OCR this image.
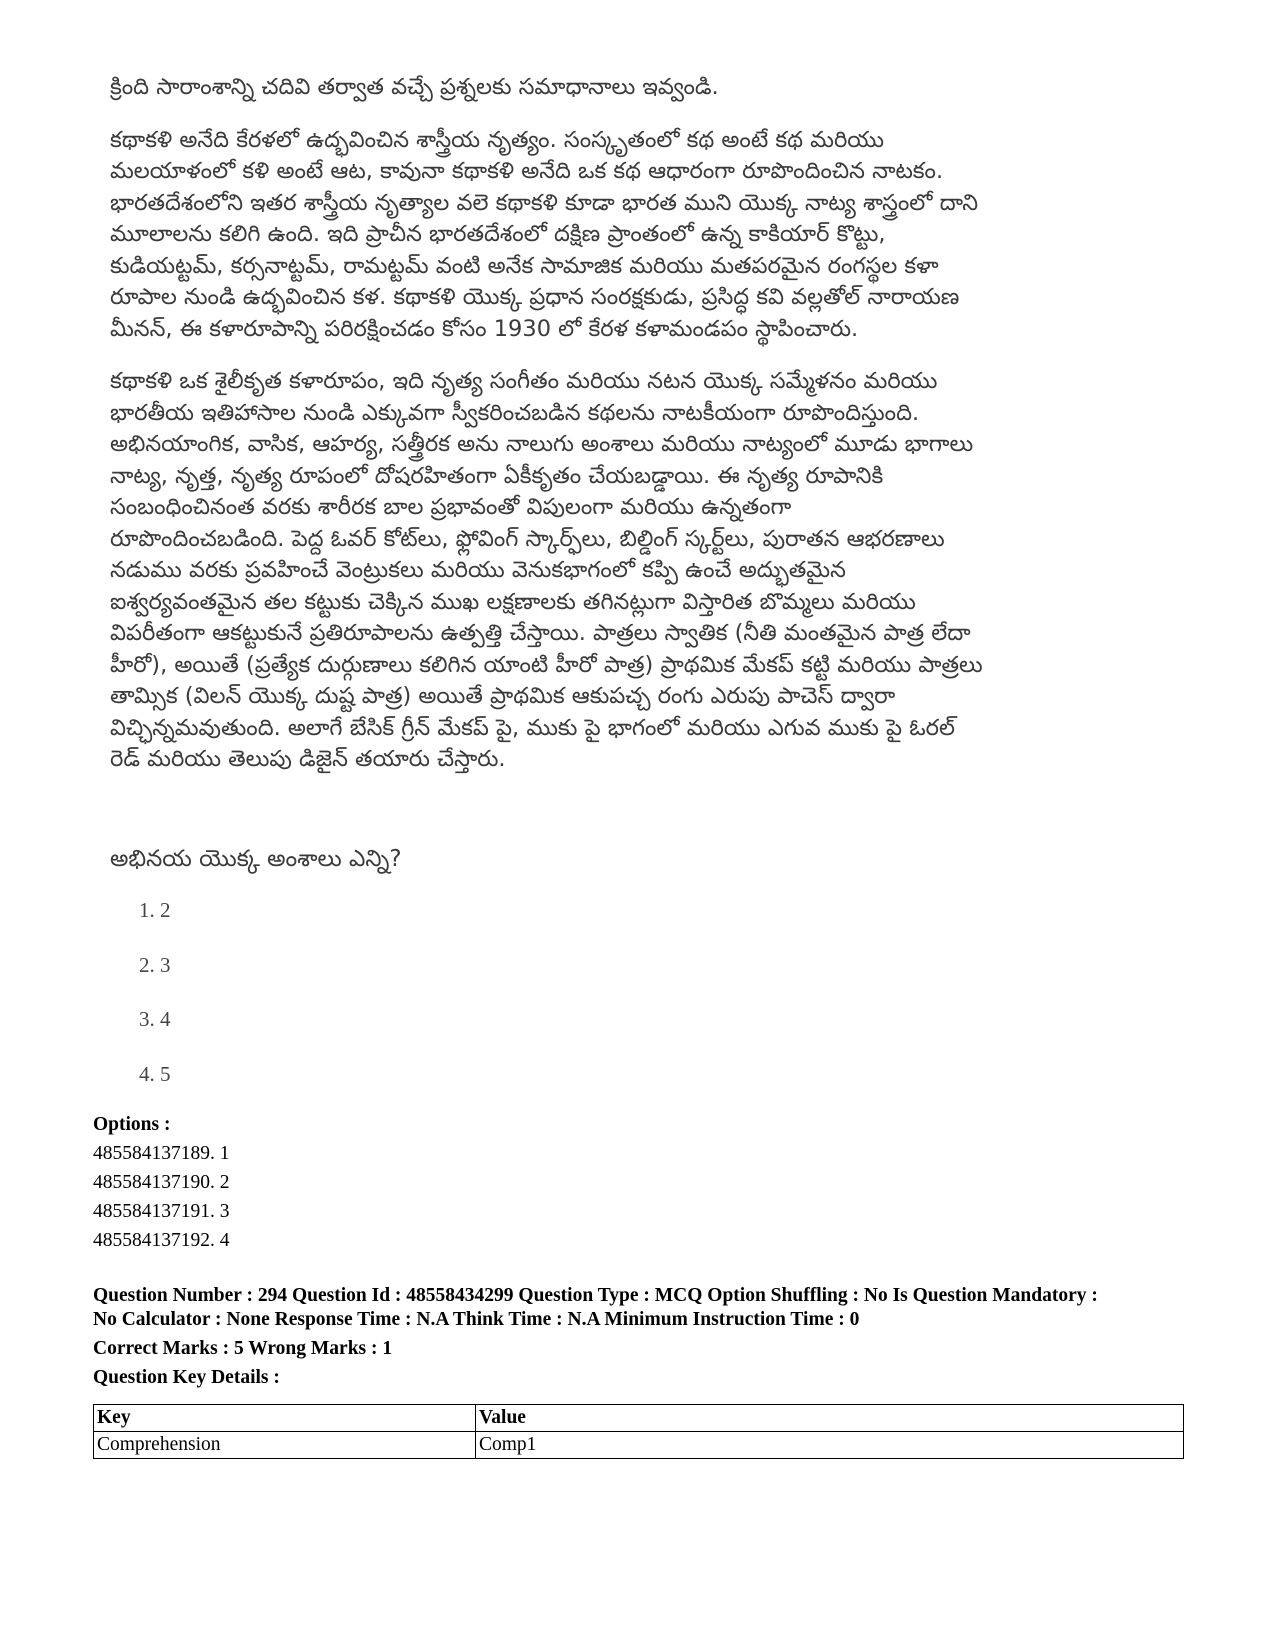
క్రింది సారాంశాన్ని చదివి తర్వాత వచ్చే ప్రశ్నలకు సమాధానాలు ఇవ్వండి.

కథాకళి అనేది కేరళలో ఉద్భవించిన శాస్త్రీయ నృత్యం. సంస్కృతంలో కథ అంటే కథ మరియు
మలయాళంలో కళి అంటే ఆట, కావునా కథాకళి అనేది ఒక కథ ఆధారంగా రూపొందించిన నాటకం.
భారతదేశంలోని ఇతర శాస్త్రీయ నృత్యాల వలె కథాకళి కూడా భారత ముని యొక్క నాట్య శాస్త్రంలో దాని
మూలాలను కలిగి ఉంది. ఇది ప్రాచీన భారతదేశంలో దక్షిణ ప్రాంతంలో ఉన్న కాకియార్ కొట్టు,
కుడియట్టమ్, కర్సనాట్టమ్, రామట్టమ్ వంటి అనేక సామాజిక మరియు మతపరమైన రంగస్థల కళా
రూపాల నుండి ఉద్భవించిన కళ. కథాకళి యొక్క ప్రధాన సంరక్షకుడు, ప్రసిద్ధ కవి వల్లతోల్ నారాయణ
మీనన్, ఈ కళారూపాన్ని పరిరక్షించడం కోసం 1930 లో కేరళ కళామండపం స్థాపించారు.

కథాకళి ఒక శైలీకృత కళారూపం, ఇది నృత్య సంగీతం మరియు నటన యొక్క సమ్మేళనం మరియు
భారతీయ ఇతిహాసాల నుండి ఎక్కువగా స్వీకరించబడిన కథలను నాటకీయంగా రూపొందిస్తుంది.
అభినయాంగిక, వాసిక, ఆహర్య, సత్త్రీరక అను నాలుగు అంశాలు మరియు నాట్యంలో మూడు భాగాలు
నాట్య, నృత్త, నృత్య రూపంలో దోషరహితంగా ఏకీకృతం చేయబడ్డాయి. ఈ నృత్య రూపానికి
సంబంధించినంత వరకు శారీరక బాల ప్రభావంతో విపులంగా మరియు ఉన్నతంగా
రూపొందించబడింది. పెద్ద ఓవర్ కోట్‌లు, ఫ్లోవింగ్ స్కార్ఫ్‌లు, బిల్డింగ్ స్కర్ట్‌లు, పురాతన ఆభరణాలు
నడుము వరకు ప్రవహించే వెంట్రుకలు మరియు వెనుకభాగంలో కప్పి ఉంచే అద్భుతమైన
ఐశ్వర్యవంతమైన తల కట్టుకు చెక్కిన ముఖ లక్షణాలకు తగినట్లుగా విస్తారిత బొమ్మలు మరియు
విపరీతంగా ఆకట్టుకునే ప్రతిరూపాలను ఉత్పత్తి చేస్తాయి. పాత్రలు స్వాతిక (నీతి మంతమైన పాత్ర లేదా
హీరో), అయితే (ప్రత్యేక దుర్గుణాలు కలిగిన యాంటి హీరో పాత్ర) ప్రాథమిక మేకప్ కట్టి మరియు పాత్రలు
తామ్సిక (విలన్ యొక్క దుష్ట పాత్ర) అయితే ప్రాథమిక ఆకుపచ్చ రంగు ఎరుపు పాచెస్ ద్వారా
విచ్ఛిన్నమవుతుంది. అలాగే బేసిక్ గ్రీన్ మేకప్ పై, ముకు పై భాగంలో మరియు ఎగువ ముకు పై ఓరల్
రెడ్ మరియు తెలుపు డిజైన్ తయారు చేస్తారు.

అభినయ యొక్క అంశాలు ఎన్ని?
1. 2
2. 3
3. 4
4. 5
Options :
485584137189. 1
485584137190. 2
485584137191. 3
485584137192. 4
Question Number : 294 Question Id : 48558434299 Question Type : MCQ Option Shuffling : No Is Question Mandatory :
No Calculator : None Response Time : N.A Think Time : N.A Minimum Instruction Time : 0
Correct Marks : 5 Wrong Marks : 1
Question Key Details :
Key	Value
Comprehension	Comp1
